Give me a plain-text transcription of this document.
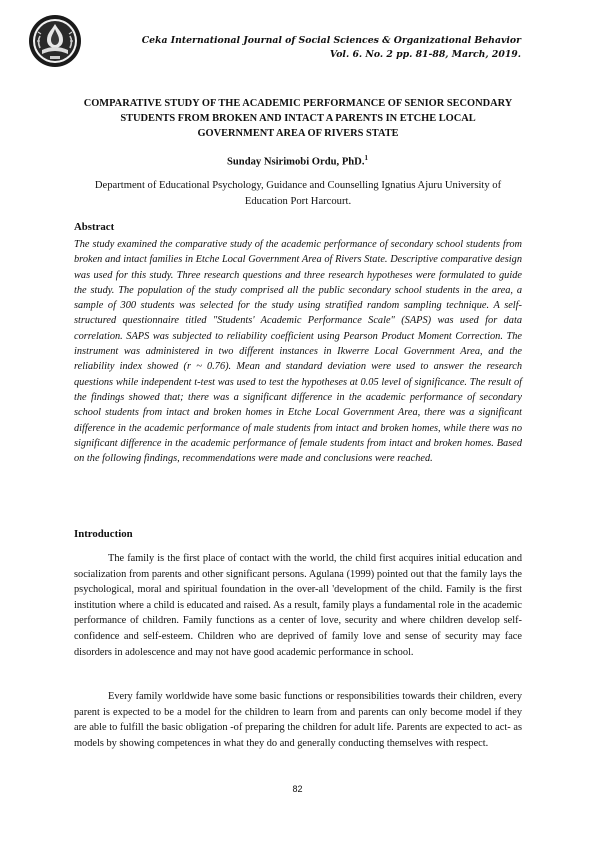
Ceka International Journal of Social Sciences & Organizational Behavior
Vol. 6. No. 2 pp. 81-88, March, 2019.
COMPARATIVE STUDY OF THE ACADEMIC PERFORMANCE OF SENIOR SECONDARY STUDENTS FROM BROKEN AND INTACT A PARENTS IN ETCHE LOCAL GOVERNMENT AREA OF RIVERS STATE
Sunday Nsirimobi Ordu, PhD.$^1$
Department of Educational Psychology, Guidance and Counselling Ignatius Ajuru University of Education Port Harcourt.
Abstract

The study examined the comparative study of the academic performance of secondary school students from broken and intact families in Etche Local Government Area of Rivers State. Descriptive comparative design was used for this study. Three research questions and three research hypotheses were formulated to guide the study. The population of the study comprised all the public secondary school students in the area, a sample of 300 students was selected for the study using stratified random sampling technique. A self-structured questionnaire titled "Students' Academic Performance Scale" (SAPS) was used for data correlation. SAPS was subjected to reliability coefficient using Pearson Product Moment Correction. The instrument was administered in two different instances in Ikwerre Local Government Area, and the reliability index showed (r ~ 0.76). Mean and standard deviation were used to answer the research questions while independent t-test was used to test the hypotheses at 0.05 level of significance. The result of the findings showed that; there was a significant difference in the academic performance of secondary school students from intact and broken homes in Etche Local Government Area, there was a significant difference in the academic performance of male students from intact and broken homes, while there was no significant difference in the academic performance of female students from intact and broken homes. Based on the following findings, recommendations were made and conclusions were reached.

Introduction

The family is the first place of contact with the world, the child first acquires initial education and socialization from parents and other significant persons. Agulana (1999) pointed out that the family lays the psychological, moral and spiritual foundation in the over-all 'development of the child. Family is the first institution where a child is educated and raised. As a result, family plays a fundamental role in the academic performance of children. Family functions as a center of love, security and where children develop self-confidence and self-esteem. Children who are deprived of family love and sense of security may face disorders in adolescence and may not have good academic performance in school.

Every family worldwide have some basic functions or responsibilities towards their children, every parent is expected to be a model for the children to learn from and parents can only become model if they are able to fulfill the basic obligation -of preparing the children for adult life. Parents are expected to act- as models by showing competences in what they do and generally conducting themselves with respect.

82
